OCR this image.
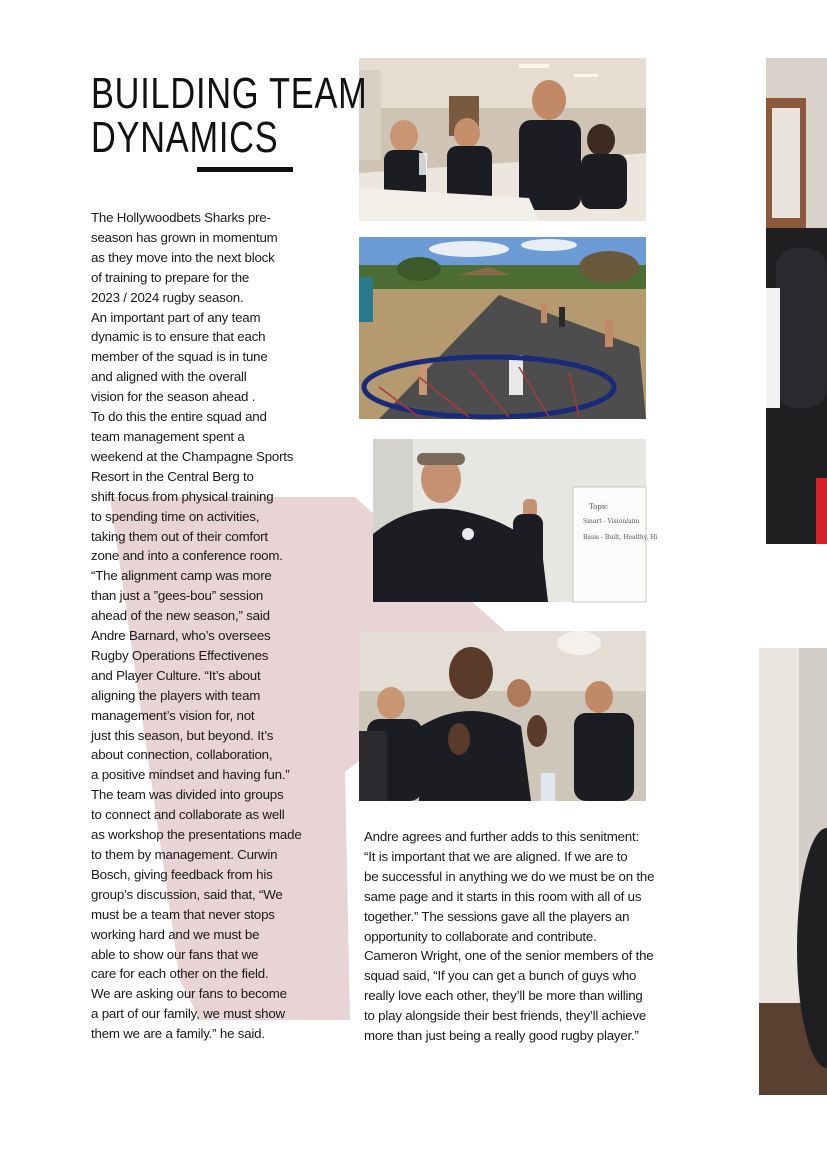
BUILDING TEAM
DYNAMICS
The Hollywoodbets Sharks pre-
season has grown in momentum
as they move into the next block
of training to prepare for the
2023 / 2024 rugby season.
An important part of any team
dynamic is to ensure that each
member of the squad is in tune
and aligned with the overall
vision for the season ahead .
To do this the entire squad and
team management spent a
weekend at the Champagne Sports
Resort in the Central Berg to
shift focus from physical training
to spending time on activities,
taking them out of their comfort
zone and into a conference room.
“The alignment camp was more
than just a ”gees-bou” session
ahead of the new season,” said
Andre Barnard, who’s oversees
Rugby Operations Effectivenes
and Player Culture. “It’s about
aligning the players with team
management’s vision for, not
just this season, but beyond. It’s
about connection, collaboration,
a positive mindset and having fun.”
The team was divided into groups
to connect and collaborate as well
as workshop the presentations made
to them by management. Curwin
Bosch, giving feedback from his
group’s discussion, said that, “We
must be a team that never stops
working hard and we must be
able to show our fans that we
care for each other on the field.
We are asking our fans to become
a part of our family, we must show
them we are a family.” he said.
Andre agrees and further adds to this senitment:
“It is important that we are aligned. If we are to
be successful in anything we do we must be on the
same page and it starts in this room with all of us
together.” The sessions gave all the players an
opportunity to collaborate and contribute.
Cameron Wright, one of the senior members of the
squad said, “If you can get a bunch of guys who
really love each other, they’ll be more than willing
to play alongside their best friends, they’ll achieve
more than just being a really good rugby player.”
Topic
Smart - Vision/aim
Basis - Built, Healthy, Hi
